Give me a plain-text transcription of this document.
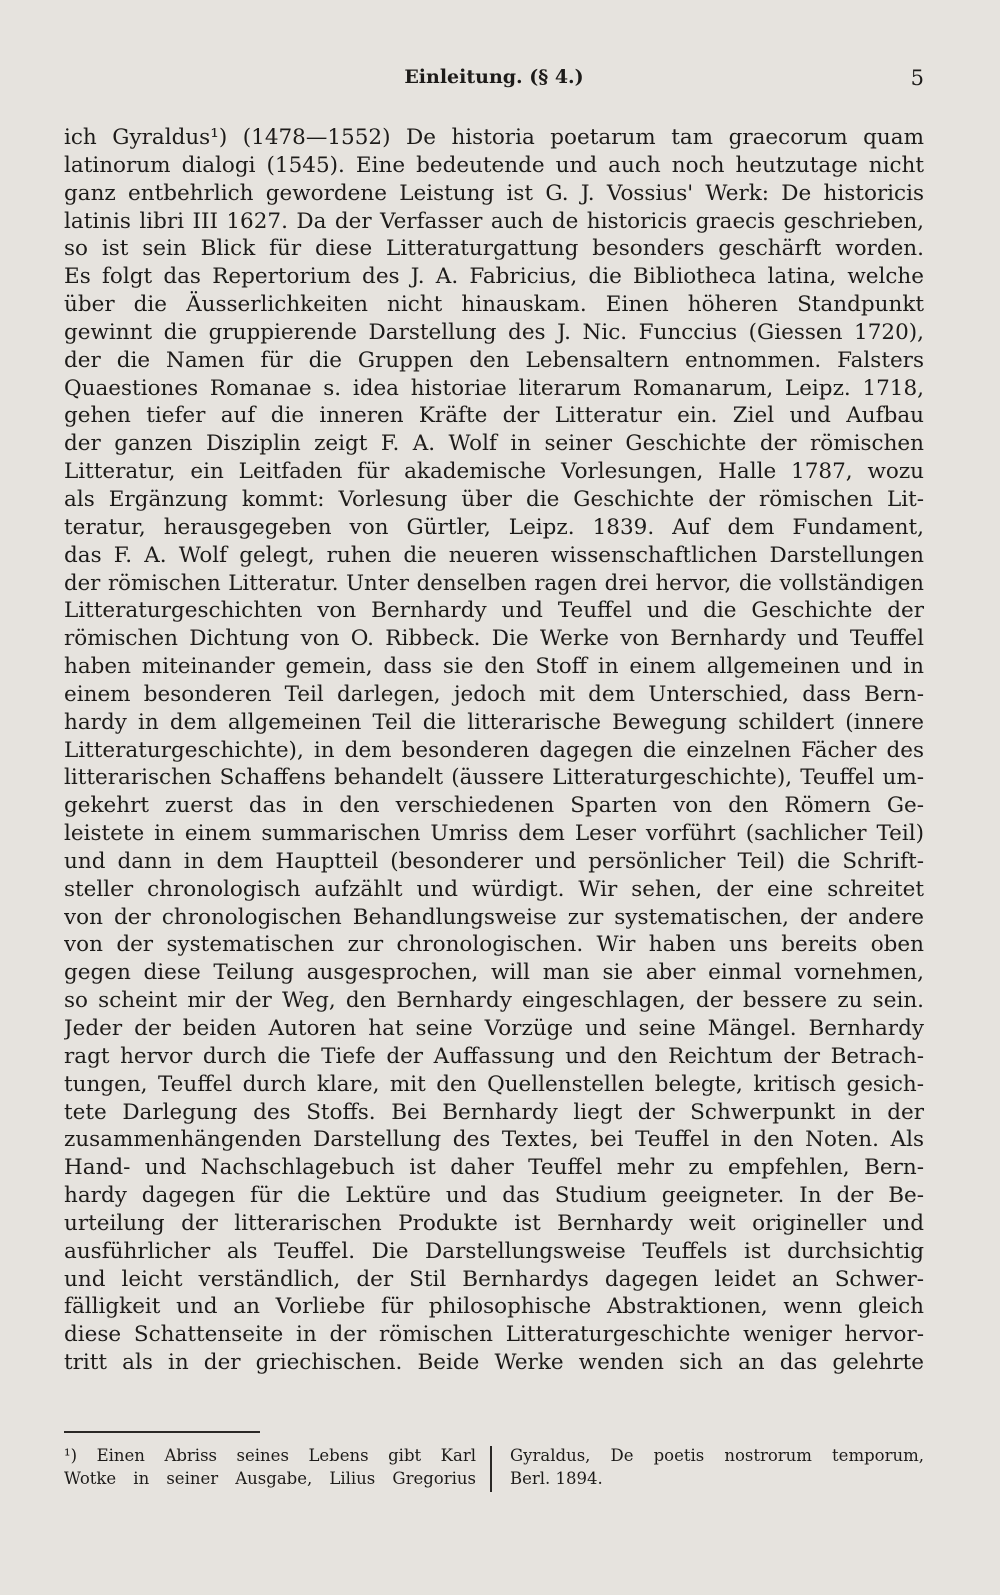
Einleitung. (§ 4.)	5
ich Gyraldus¹) (1478—1552) De historia poetarum tam graecorum quam
latinorum dialogi (1545). Eine bedeutende und auch noch heutzutage nicht
ganz entbehrlich gewordene Leistung ist G. J. Vossius' Werk: De historicis
latinis libri III 1627. Da der Verfasser auch de historicis graecis geschrieben,
so ist sein Blick für diese Litteraturgattung besonders geschärft worden.
Es folgt das Repertorium des J. A. Fabricius, die Bibliotheca latina, welche
über die Äusserlichkeiten nicht hinauskam. Einen höheren Standpunkt
gewinnt die gruppierende Darstellung des J. Nic. Funccius (Giessen 1720),
der die Namen für die Gruppen den Lebensaltern entnommen. Falsters
Quaestiones Romanae s. idea historiae literarum Romanarum, Leipz. 1718,
gehen tiefer auf die inneren Kräfte der Litteratur ein. Ziel und Aufbau
der ganzen Disziplin zeigt F. A. Wolf in seiner Geschichte der römischen
Litteratur, ein Leitfaden für akademische Vorlesungen, Halle 1787, wozu
als Ergänzung kommt: Vorlesung über die Geschichte der römischen Lit-
teratur, herausgegeben von Gürtler, Leipz. 1839. Auf dem Fundament,
das F. A. Wolf gelegt, ruhen die neueren wissenschaftlichen Darstellungen
der römischen Litteratur. Unter denselben ragen drei hervor, die vollständigen
Litteraturgeschichten von Bernhardy und Teuffel und die Geschichte der
römischen Dichtung von O. Ribbeck. Die Werke von Bernhardy und Teuffel
haben miteinander gemein, dass sie den Stoff in einem allgemeinen und in
einem besonderen Teil darlegen, jedoch mit dem Unterschied, dass Bern-
hardy in dem allgemeinen Teil die litterarische Bewegung schildert (innere
Litteraturgeschichte), in dem besonderen dagegen die einzelnen Fächer des
litterarischen Schaffens behandelt (äussere Litteraturgeschichte), Teuffel um-
gekehrt zuerst das in den verschiedenen Sparten von den Römern Ge-
leistete in einem summarischen Umriss dem Leser vorführt (sachlicher Teil)
und dann in dem Hauptteil (besonderer und persönlicher Teil) die Schrift-
steller chronologisch aufzählt und würdigt. Wir sehen, der eine schreitet
von der chronologischen Behandlungsweise zur systematischen, der andere
von der systematischen zur chronologischen. Wir haben uns bereits oben
gegen diese Teilung ausgesprochen, will man sie aber einmal vornehmen,
so scheint mir der Weg, den Bernhardy eingeschlagen, der bessere zu sein.
Jeder der beiden Autoren hat seine Vorzüge und seine Mängel. Bernhardy
ragt hervor durch die Tiefe der Auffassung und den Reichtum der Betrach-
tungen, Teuffel durch klare, mit den Quellenstellen belegte, kritisch gesich-
tete Darlegung des Stoffs. Bei Bernhardy liegt der Schwerpunkt in der
zusammenhängenden Darstellung des Textes, bei Teuffel in den Noten. Als
Hand- und Nachschlagebuch ist daher Teuffel mehr zu empfehlen, Bern-
hardy dagegen für die Lektüre und das Studium geeigneter. In der Be-
urteilung der litterarischen Produkte ist Bernhardy weit origineller und
ausführlicher als Teuffel. Die Darstellungsweise Teuffels ist durchsichtig
und leicht verständlich, der Stil Bernhardys dagegen leidet an Schwer-
fälligkeit und an Vorliebe für philosophische Abstraktionen, wenn gleich
diese Schattenseite in der römischen Litteraturgeschichte weniger hervor-
tritt als in der griechischen. Beide Werke wenden sich an das gelehrte
¹) Einen Abriss seines Lebens gibt Karl
Wotke in seiner Ausgabe, Lilius Gregorius
Gyraldus, De poetis nostrorum temporum,
Berl. 1894.
